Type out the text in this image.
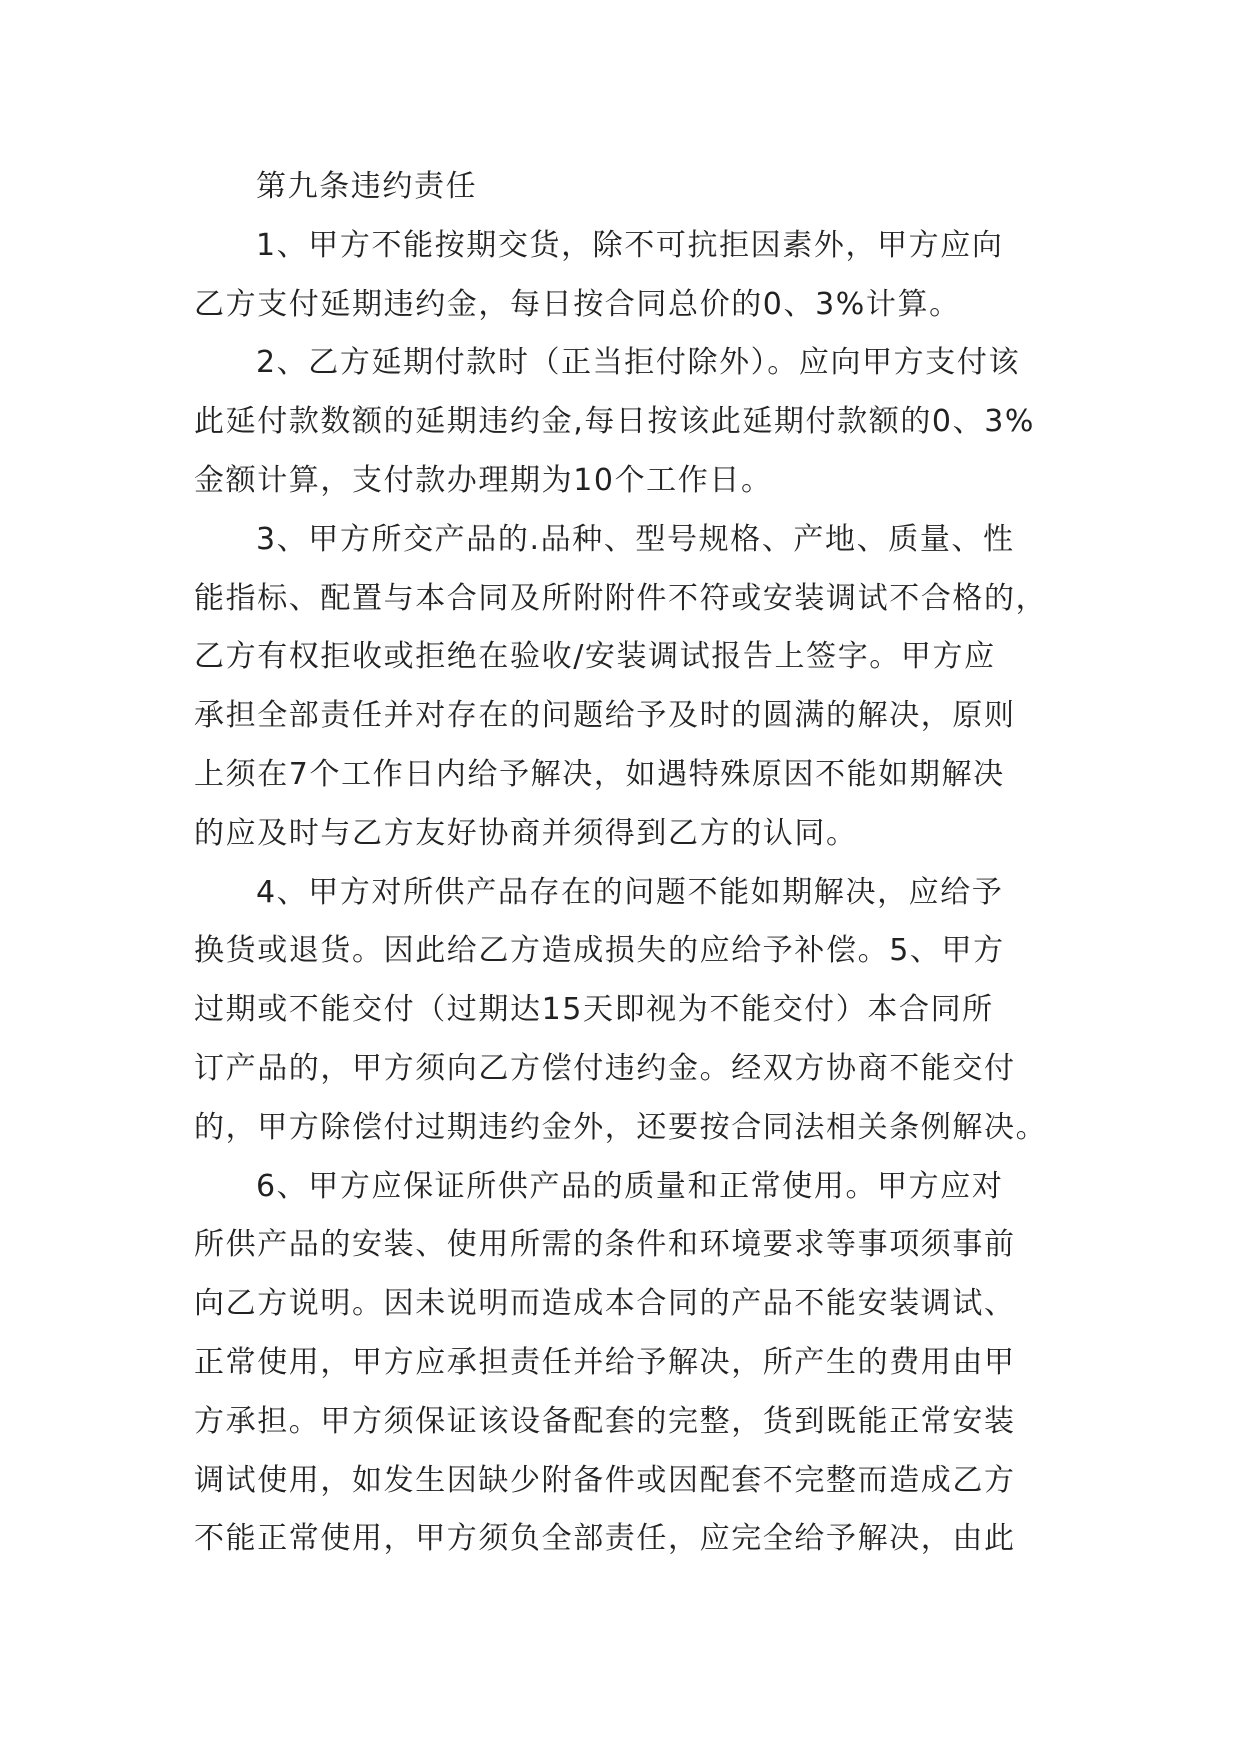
第九条违约责任
1、甲方不能按期交货，除不可抗拒因素外，甲方应向
乙方支付延期违约金，每日按合同总价的0、3%计算。
2、乙方延期付款时（正当拒付除外）。应向甲方支付该
此延付款数额的延期违约金,每日按该此延期付款额的0、3%
金额计算，支付款办理期为10个工作日。
3、甲方所交产品的.品种、型号规格、产地、质量、性
能指标、配置与本合同及所附附件不符或安装调试不合格的，
乙方有权拒收或拒绝在验收/安装调试报告上签字。甲方应
承担全部责任并对存在的问题给予及时的圆满的解决，原则
上须在7个工作日内给予解决，如遇特殊原因不能如期解决
的应及时与乙方友好协商并须得到乙方的认同。
4、甲方对所供产品存在的问题不能如期解决，应给予
换货或退货。因此给乙方造成损失的应给予补偿。5、甲方
过期或不能交付（过期达15天即视为不能交付）本合同所
订产品的，甲方须向乙方偿付违约金。经双方协商不能交付
的，甲方除偿付过期违约金外，还要按合同法相关条例解决。
6、甲方应保证所供产品的质量和正常使用。甲方应对
所供产品的安装、使用所需的条件和环境要求等事项须事前
向乙方说明。因未说明而造成本合同的产品不能安装调试、
正常使用，甲方应承担责任并给予解决，所产生的费用由甲
方承担。甲方须保证该设备配套的完整，货到既能正常安装
调试使用，如发生因缺少附备件或因配套不完整而造成乙方
不能正常使用，甲方须负全部责任，应完全给予解决，由此
